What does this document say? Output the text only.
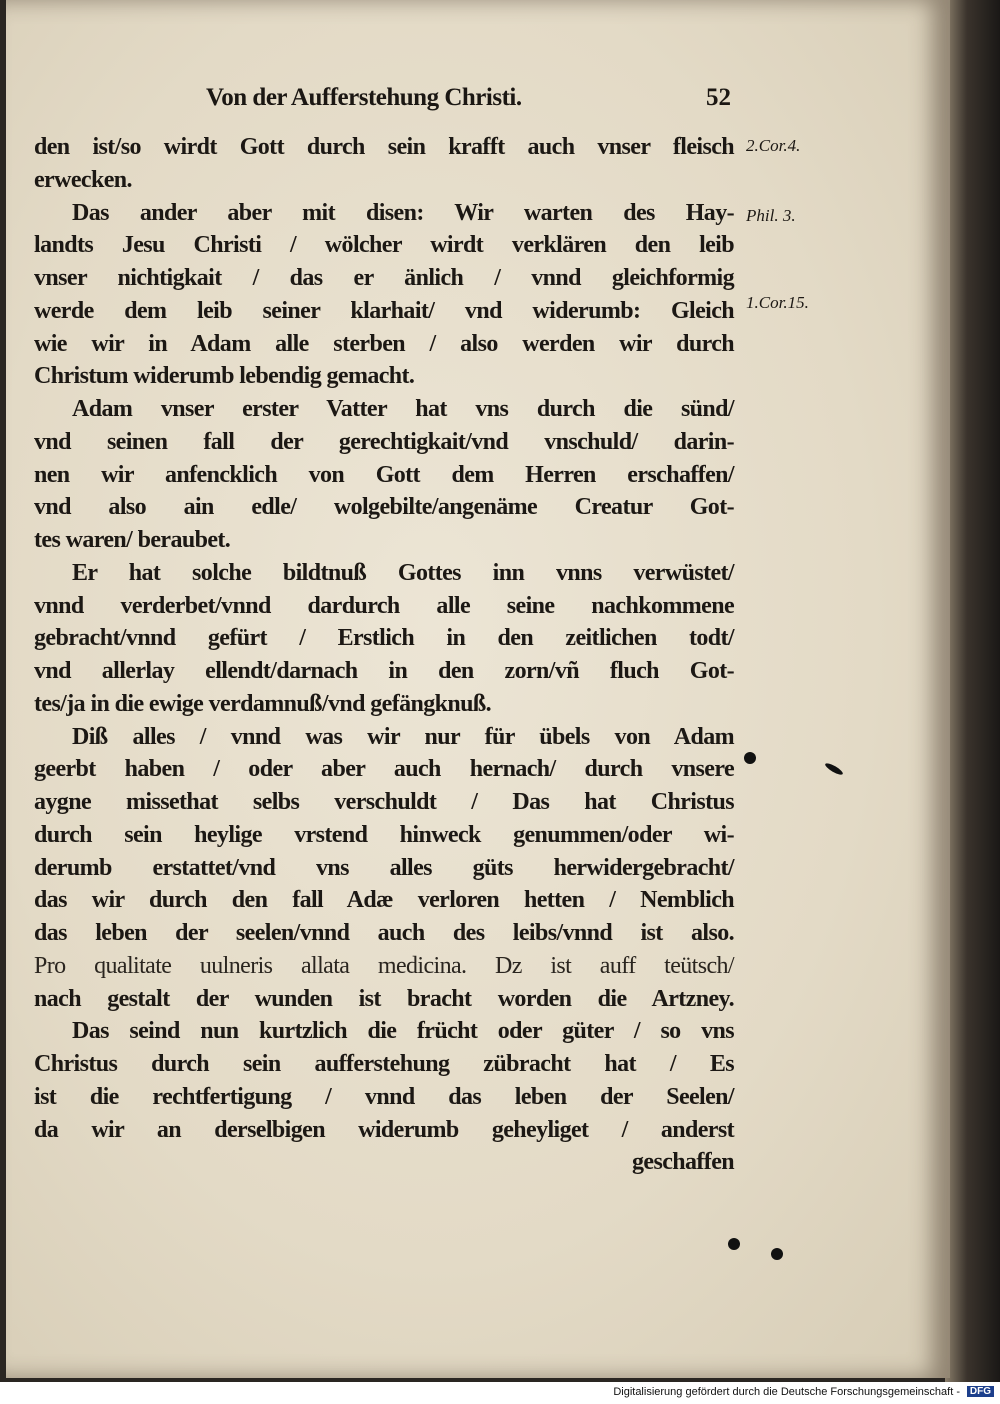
Von der Aufferstehung Christi.	52
den ist/so wirdt Gott durch sein krafft auch vnser fleisch
erwecken.
Das ander aber mit disen: Wir warten des Hay-
landts Jesu Christi / wölcher wirdt verklären den leib
vnser nichtigkait / das er änlich / vnnd gleichformig
werde dem leib seiner klarhait/ vnd widerumb: Gleich
wie wir in Adam alle sterben / also werden wir durch
Christum widerumb lebendig gemacht.
Adam vnser erster Vatter hat vns durch die sünd/
vnd seinen fall der gerechtigkait/vnd vnschuld/ darin-
nen wir anfencklich von Gott dem Herren erschaffen/
vnd also ain edle/ wolgebilte/angenäme Creatur Got-
tes waren/ beraubet.
Er hat solche bildtnuß Gottes inn vnns verwüstet/
vnnd verderbet/vnnd dardurch alle seine nachkommene
gebracht/vnnd gefürt / Erstlich in den zeitlichen todt/
vnd allerlay ellendt/darnach in den zorn/vñ fluch Got-
tes/ja in die ewige verdamnuß/vnd gefängknuß.
Diß alles / vnnd was wir nur für übels von Adam
geerbt haben / oder aber auch hernach/ durch vnsere
aygne missethat selbs verschuldt / Das hat Christus
durch sein heylige vrstend hinweck genummen/oder wi-
derumb erstattet/vnd vns alles güts herwidergebracht/
das wir durch den fall Adæ verloren hetten / Nemblich
das leben der seelen/vnnd auch des leibs/vnnd ist also.
Pro qualitate uulneris allata medicina. Dz ist auff teütsch/
nach gestalt der wunden ist bracht worden die Artzney.
Das seind nun kurtzlich die frücht oder güter / so vns
Christus durch sein aufferstehung zübracht hat / Es
ist die rechtfertigung / vnnd das leben der Seelen/
da wir an derselbigen widerumb geheyliget / anderst
geschaffen
2.Cor.4.
Phil. 3.
1.Cor.15.
Digitalisierung gefördert durch die Deutsche Forschungsgemeinschaft - DFG
